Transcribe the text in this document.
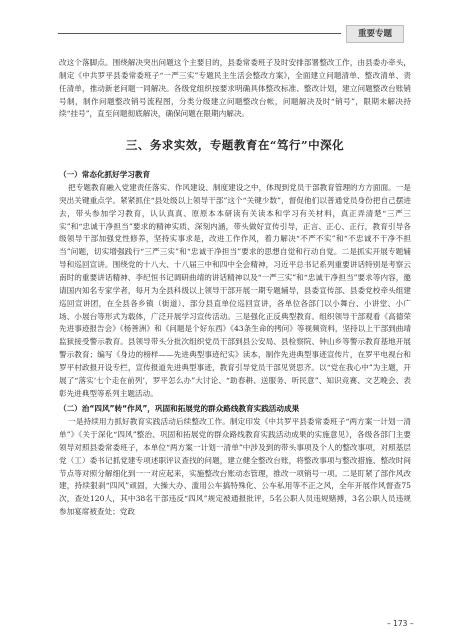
重要专题

改这个落脚点。围绕解决突出问题这个主要目的，县委常委班子及时安排部署整改工作，由县委办牵头，制定《中共罗平县委常委班子“一严三实”专题民主生活会整改方案》，全面建立问题清单、整改清单、责任清单，推动新老问题一同解决。各级党组织按要求明确具体整改标准、整改计划，建立问题整改台账销号制，制作问题整改销号流程图，分类分级建立问题整改台帐，问题解决及时“销号”，限期未解决持续“挂号”，直至问题彻底解决，确保问题在限期内解决。

三、务求实效，专题教育在“笃行”中深化
（一）常态化抓好学习教育

把专题教育融入党建责任落实、作风建设、制度建设之中，体现到党员干部教育管理的方方面面。一是突出关键重点学。紧紧抓住“县处级以上领导干部”这个“关键少数”，督促他们以普通党员身份把自己摆进去，带头参加学习教育，认认真真、原原本本研读有关读本和学习有关材料，真正弄清楚“三严三实”和“忠诚干净担当”要求的精神实质、深刻内涵，带头做好宣传引导，正言、正心、正行，教育引导各级领导干部加强党性修养，坚持实事求是，改进工作作风，着力解决“不严不实”和“不忠诚不干净不担当”问题，切实增强践行“三严三实”和“忠诚干净担当”要求的思想自觉和行动自觉。二是抓实开展专题辅导和巡回宣讲。围绕党的十八大、十八届三中和四中全会精神，习近平总书记系列重要讲话特别是考察云南时的重要讲话精神、李纪恒书记调研曲靖的讲话精神以及“一严三实”和“忠诚干净担当”要求等内容，邀请国内知名专家学者，每月为全县科级以上领导干部开展一期专题辅导，县委宣传部、县委党校牵头组建巡回宣讲团，在全县各乡镇（街道）、部分县直单位巡回宣讲，各单位各部门以小舞台、小讲堂、小广场、小展台等形式为载体，广泛开展学习宣传活动。三是强化正反典型教育。组织领导干部观看《高德荣先进事迹报告会》《杨善洲》和《问题是个好东西》《43条生命的拷问》等视频资料，坚持以上干部到曲靖监狱接受警示教育。县领导带头分批次组织党员干部到县公安局、县检察院、钟山乡等警示教育基地开展警示教育；编写《身边的榜样——先进典型事迹纪实》读本，制作先进典型事迹宣传片，在罗平电视台和罗平村政报开设专栏，宣传报道先进典型事迹，教育引导党员干部见贤思齐。以“党在我心中”为主题，开展了“落实‘七个走在前列’，罗平怎么办”大讨论、“助春耕、送服务、听民意”、知识竞赛、文艺晚会、表彰先进典型等系列主题活动。

（二）治“四风”转“作风”，巩固和拓展党的群众路线教育实践活动成果

一是持续用力抓好教育实践活动后续整改工作。制定印发《中共罗平县委常委班子“两方案一计划一清单”》《关于深化“四风”整治、巩固和拓展党的群众路线教育实践活动成果的实施意见》，各级各部门主要领导对照县委常委班子，本单位“两方案一计划一清单”中涉及到的带头事项及个人的整改事项，对照基层党（工）委书记抓党建专项述职评议查找的问题，建立健全整改台账，将整改事项与整改措施、整改时间节点等对照分解细化到一一对应起来，实施整改台账动态管理，推改一项销号一项。二是盯紧了部作风改建，持续狠刹“四风”顽固，大操大办、滥用公车搞特殊化、公车私用等不正之风，全年开展作风督查75次，查处120人，其中38名干部违反“四风”规定被通报批评，5名公职人员违规赌搏，3名公职人员违规参加宴席被查处；党政

– 173 –
